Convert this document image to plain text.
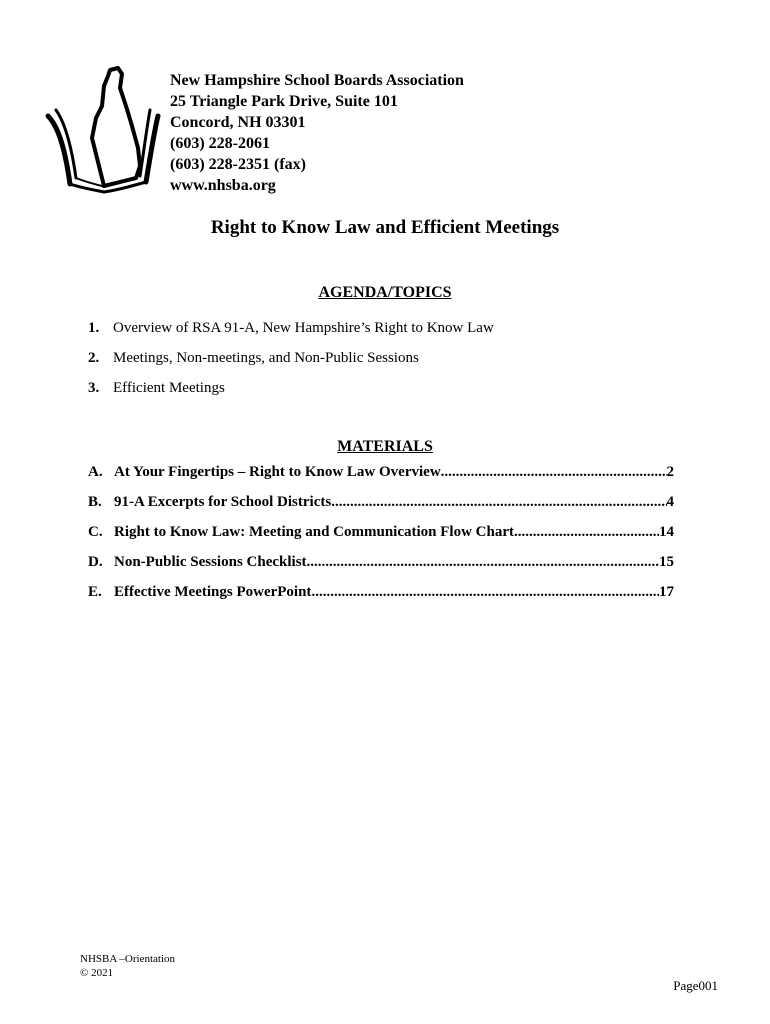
New Hampshire School Boards Association
25 Triangle Park Drive, Suite 101
Concord, NH 03301
(603) 228-2061
(603) 228-2351 (fax)
www.nhsba.org
Right to Know Law and Efficient Meetings
AGENDA/TOPICS
1. Overview of RSA 91-A, New Hampshire’s Right to Know Law
2. Meetings, Non-meetings, and Non-Public Sessions
3. Efficient Meetings
MATERIALS
A. At Your Fingertips – Right to Know Law Overview .....	2
B. 91-A Excerpts for School Districts .....	4
C. Right to Know Law: Meeting and Communication Flow Chart .....	14
D. Non-Public Sessions Checklist .....	15
E. Effective Meetings PowerPoint .....	17
NHSBA –Orientation
© 2021
Page001
